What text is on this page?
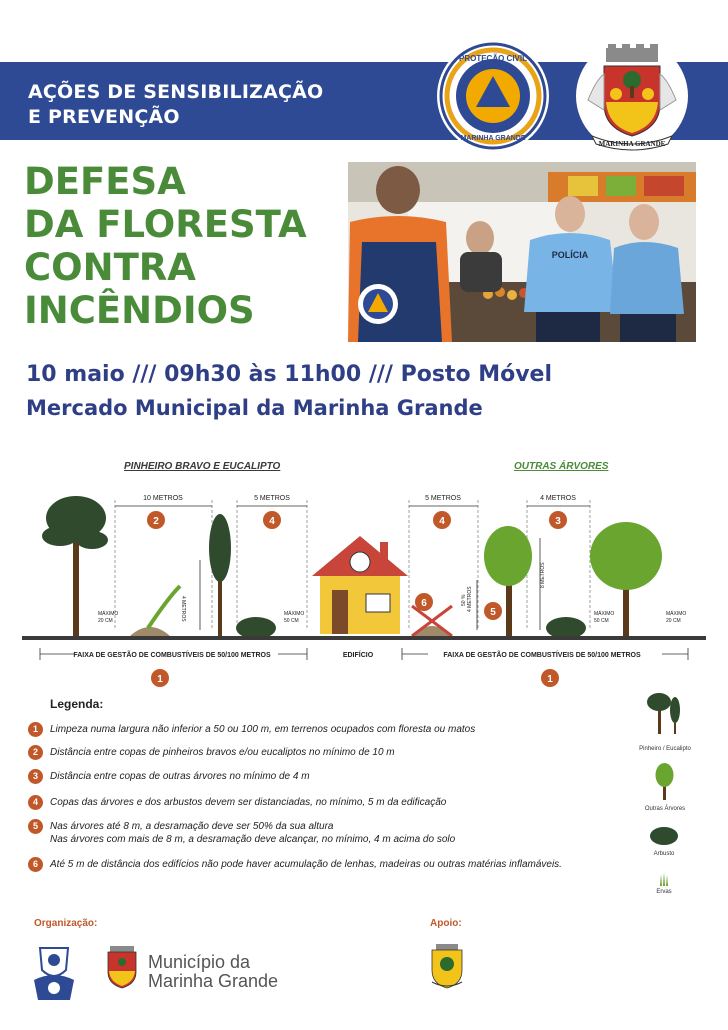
AÇÕES DE SENSIBILIZAÇÃO
E PREVENÇÃO
PROTEÇÃO CIVIL
MARINHA GRANDE
MARINHA GRANDE
DEFESA
DA FLORESTA
CONTRA
INCÊNDIOS
POLÍCIA
10 maio /// 09h30 às 11h00 /// Posto Móvel
Mercado Municipal da Marinha Grande
PINHEIRO BRAVO E EUCALIPTO	OUTRAS ÁRVORES
10 METROS	5 METROS	5 METROS	4 METROS
4 METROS
8 METROS
50 % 4 METROS
2	4	4	3
6
5
MÁXIMO
20 CM
MÁXIMO
50 CM
MÁXIMO
50 CM
MÁXIMO
20 CM
FAIXA DE GESTÃO DE COMBUSTÍVEIS DE 50/100 METROS	EDIFÍCIO	FAIXA DE GESTÃO DE COMBUSTÍVEIS DE 50/100 METROS
1	1
Legenda:
1	Limpeza numa largura não inferior a 50 ou 100 m, em terrenos ocupados com floresta ou matos
2	Distância entre copas de pinheiros bravos e/ou eucaliptos no mínimo de 10 m
3	Distância entre copas de outras árvores no mínimo de 4 m
4	Copas das árvores e dos arbustos devem ser distanciadas, no mínimo, 5 m da edificação
5	Nas árvores até 8 m, a desramação deve ser 50% da sua altura
Nas árvores com mais de 8 m, a desramação deve alcançar, no mínimo, 4 m acima do solo
6	Até 5 m de distância dos edifícios não pode haver acumulação de lenhas, madeiras ou outras matérias inflamáveis.
Pinheiro / Eucalipto
Outras Árvores
Arbusto
Ervas
Organização:	Apoio:
Município da
Marinha Grande
